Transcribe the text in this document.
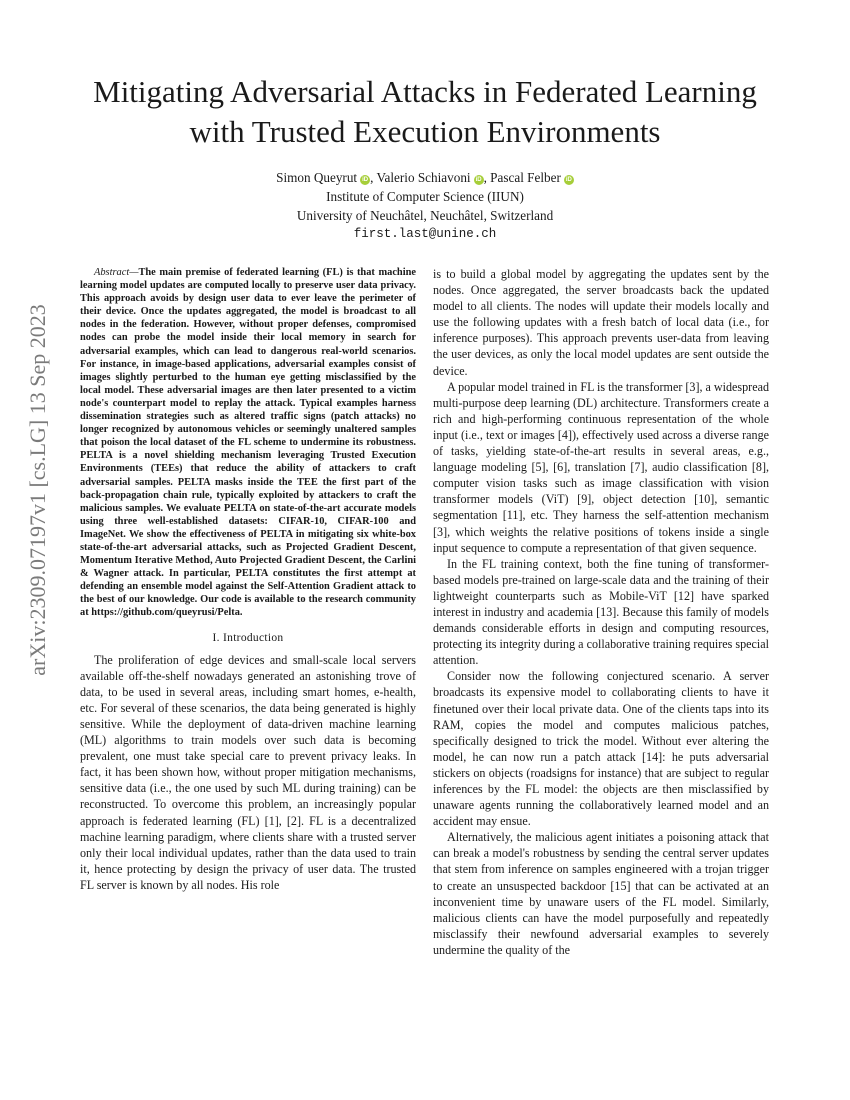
arXiv:2309.07197v1 [cs.LG] 13 Sep 2023
Mitigating Adversarial Attacks in Federated Learning with Trusted Execution Environments
Simon Queyrut iD , Valerio Schiavoni iD , Pascal Felber iD
Institute of Computer Science (IIUN)
University of Neuchâtel, Neuchâtel, Switzerland
first.last@unine.ch

Abstract—The main premise of federated learning (FL) is that machine learning model updates are computed locally to preserve user data privacy. This approach avoids by design user data to ever leave the perimeter of their device. Once the updates aggregated, the model is broadcast to all nodes in the federation. However, without proper defenses, compromised nodes can probe the model inside their local memory in search for adversarial examples, which can lead to dangerous real-world scenarios. For instance, in image-based applications, adversarial examples consist of images slightly perturbed to the human eye getting misclassified by the local model. These adversarial images are then later presented to a victim node's counterpart model to replay the attack. Typical examples harness dissemination strategies such as altered traffic signs (patch attacks) no longer recognized by autonomous vehicles or seemingly unaltered samples that poison the local dataset of the FL scheme to undermine its robustness. PELTA is a novel shielding mechanism leveraging Trusted Execution Environments (TEEs) that reduce the ability of attackers to craft adversarial samples. PELTA masks inside the TEE the first part of the back-propagation chain rule, typically exploited by attackers to craft the malicious samples. We evaluate PELTA on state-of-the-art accurate models using three well-established datasets: CIFAR-10, CIFAR-100 and ImageNet. We show the effectiveness of PELTA in mitigating six white-box state-of-the-art adversarial attacks, such as Projected Gradient Descent, Momentum Iterative Method, Auto Projected Gradient Descent, the Carlini & Wagner attack. In particular, PELTA constitutes the first attempt at defending an ensemble model against the Self-Attention Gradient attack to the best of our knowledge. Our code is available to the research community at https://github.com/queyrusi/Pelta.

I. Introduction

The proliferation of edge devices and small-scale local servers available off-the-shelf nowadays generated an astonishing trove of data, to be used in several areas, including smart homes, e-health, etc. For several of these scenarios, the data being generated is highly sensitive. While the deployment of data-driven machine learning (ML) algorithms to train models over such data is becoming prevalent, one must take special care to prevent privacy leaks. In fact, it has been shown how, without proper mitigation mechanisms, sensitive data (i.e., the one used by such ML during training) can be reconstructed. To overcome this problem, an increasingly popular approach is federated learning (FL) [1], [2]. FL is a decentralized machine learning paradigm, where clients share with a trusted server only their local individual updates, rather than the data used to train it, hence protecting by design the privacy of user data. The trusted FL server is known by all nodes. His role

is to build a global model by aggregating the updates sent by the nodes. Once aggregated, the server broadcasts back the updated model to all clients. The nodes will update their models locally and use the following updates with a fresh batch of local data (i.e., for inference purposes). This approach prevents user-data from leaving the user devices, as only the local model updates are sent outside the device.

A popular model trained in FL is the transformer [3], a widespread multi-purpose deep learning (DL) architecture. Transformers create a rich and high-performing continuous representation of the whole input (i.e., text or images [4]), effectively used across a diverse range of tasks, yielding state-of-the-art results in several areas, e.g., language modeling [5], [6], translation [7], audio classification [8], computer vision tasks such as image classification with vision transformer models (ViT) [9], object detection [10], semantic segmentation [11], etc. They harness the self-attention mechanism [3], which weights the relative positions of tokens inside a single input sequence to compute a representation of that given sequence.

In the FL training context, both the fine tuning of transformer-based models pre-trained on large-scale data and the training of their lightweight counterparts such as Mobile-ViT [12] have sparked interest in industry and academia [13]. Because this family of models demands considerable efforts in design and computing resources, protecting its integrity during a collaborative training requires special attention.

Consider now the following conjectured scenario. A server broadcasts its expensive model to collaborating clients to have it finetuned over their local private data. One of the clients taps into its RAM, copies the model and computes malicious patches, specifically designed to trick the model. Without ever altering the model, he can now run a patch attack [14]: he puts adversarial stickers on objects (roadsigns for instance) that are subject to regular inferences by the FL model: the objects are then misclassified by unaware agents running the collaboratively learned model and an accident may ensue.

Alternatively, the malicious agent initiates a poisoning attack that can break a model's robustness by sending the central server updates that stem from inference on samples engineered with a trojan trigger to create an unsuspected backdoor [15] that can be activated at an inconvenient time by unaware users of the FL model. Similarly, malicious clients can have the model purposefully and repeatedly misclassify their newfound adversarial examples to severely undermine the quality of the
